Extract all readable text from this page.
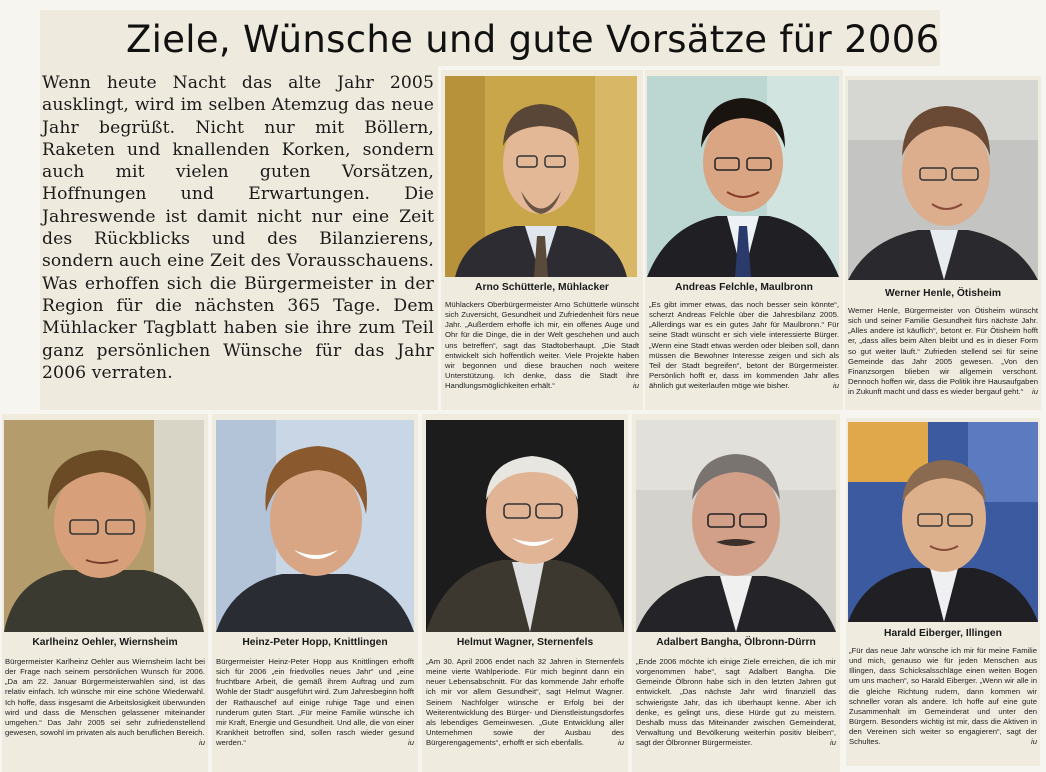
Ziele, Wünsche und gute Vorsätze für 2006

Wenn heute Nacht das alte Jahr 2005 ausklingt, wird im selben Atemzug das neue Jahr begrüßt. Nicht nur mit Böllern, Raketen und knallenden Korken, sondern auch mit vielen guten Vorsätzen, Hoffnungen und Erwartungen. Die Jahreswende ist damit nicht nur eine Zeit des Rückblicks und des Bilanzierens, sondern auch eine Zeit des Vorausschauens. Was erhoffen sich die Bürgermeister in der Region für die nächsten 365 Tage. Dem Mühlacker Tagblatt haben sie ihre zum Teil ganz persönlichen Wünsche für das Jahr 2006 verraten.

Arno Schütterle, Mühlacker
Mühlackers Oberbürgermeister Arno Schütterle wünscht sich Zuversicht, Gesundheit und Zufriedenheit fürs neue Jahr. „Außerdem erhoffe ich mir, ein offenes Auge und Ohr für die Dinge, die in der Welt geschehen und auch uns betreffen“, sagt das Stadtoberhaupt. „Die Stadt entwickelt sich hoffentlich weiter. Viele Projekte haben wir begonnen und diese brauchen noch weitere Unterstützung. Ich denke, dass die Stadt ihre Handlungsmöglichkeiten erhält.“	iu
Andreas Felchle, Maulbronn
„Es gibt immer etwas, das noch besser sein könnte“, scherzt Andreas Felchle über die Jahresbilanz 2005. „Allerdings war es ein gutes Jahr für Maulbronn.“ Für seine Stadt wünscht er sich viele interessierte Bürger. „Wenn eine Stadt etwas werden oder bleiben soll, dann müssen die Bewohner Interesse zeigen und sich als Teil der Stadt begreifen“, betont der Bürgermeister. Persönlich hofft er, dass im kommenden Jahr alles ähnlich gut weiterlaufen möge wie bisher.	iu
Werner Henle, Ötisheim
Werner Henle, Bürgermeister von Ötisheim wünscht sich und seiner Familie Gesundheit fürs nächste Jahr. „Alles andere ist käuflich“, betont er. Für Ötisheim hofft er, „dass alles beim Alten bleibt und es in dieser Form so gut weiter läuft.“ Zufrieden stellend sei für seine Gemeinde das Jahr 2005 gewesen. „Von den Finanzsorgen blieben wir allgemein verschont. Dennoch hoffen wir, dass die Politik ihre Hausaufgaben in Zukunft macht und dass es wieder bergauf geht.“ iu
Karlheinz Oehler, Wiernsheim
Bürgermeister Karlheinz Oehler aus Wiernsheim lacht bei der Frage nach seinem persönlichen Wunsch für 2006. „Da am 22. Januar Bürgermeisterwahlen sind, ist das relativ einfach. Ich wünsche mir eine schöne Wiederwahl. Ich hoffe, dass insgesamt die Arbeitslosigkeit überwunden wird und dass die Menschen gelassener miteinander umgehen.“ Das Jahr 2005 sei sehr zufriedenstellend gewesen, sowohl im privaten als auch beruflichen Bereich.
iu
Heinz-Peter Hopp, Knittlingen
Bürgermeister Heinz-Peter Hopp aus Knittlingen erhofft sich für 2006 „ein friedvolles neues Jahr“ und „eine fruchtbare Arbeit, die gemäß ihrem Auftrag und zum Wohle der Stadt“ ausgeführt wird. Zum Jahresbeginn hofft der Rathauschef auf einige ruhige Tage und einen runderum guten Start. „Für meine Familie wünsche ich mir Kraft, Energie und Gesundheit. Und alle, die von einer Krankheit betroffen sind, sollen rasch wieder gesund werden.“	iu
Helmut Wagner, Sternenfels
„Am 30. April 2006 endet nach 32 Jahren in Sternenfels meine vierte Wahlperiode. Für mich beginnt dann ein neuer Lebensabschnitt. Für das kommende Jahr erhoffe ich mir vor allem Gesundheit“, sagt Helmut Wagner. Seinem Nachfolger wünsche er Erfolg bei der Weiterentwicklung des Bürger- und Dienstleistungsdorfes als lebendiges Gemeinwesen. „Gute Entwicklung aller Unternehmen sowie der Ausbau des Bürgerengagements“, erhofft er sich ebenfalls.	iu
Adalbert Bangha, Ölbronn-Dürrn
„Ende 2006 möchte ich einige Ziele erreichen, die ich mir vorgenommen habe“, sagt Adalbert Bangha. Die Gemeinde Ölbronn habe sich in den letzten Jahren gut entwickelt. „Das nächste Jahr wird finanziell das schwierigste Jahr, das ich überhaupt kenne. Aber ich denke, es gelingt uns, diese Hürde gut zu meistern. Deshalb muss das Miteinander zwischen Gemeinderat, Verwaltung und Bevölkerung weiterhin positiv bleiben“, sagt der Ölbronner Bürgermeister.	iu
Harald Eiberger, Illingen
„Für das neue Jahr wünsche ich mir für meine Familie und mich, genauso wie für jeden Menschen aus Illingen, dass Schicksalsschläge einen weiten Bogen um uns machen“, so Harald Eiberger. „Wenn wir alle in die gleiche Richtung rudern, dann kommen wir schneller voran als andere. Ich hoffe auf eine gute Zusammenhalt im Gemeinderat und unter den Bürgern. Besonders wichtig ist mir, dass die Aktiven in den Vereinen sich weiter so engagieren“, sagt der Schultes.	iu
